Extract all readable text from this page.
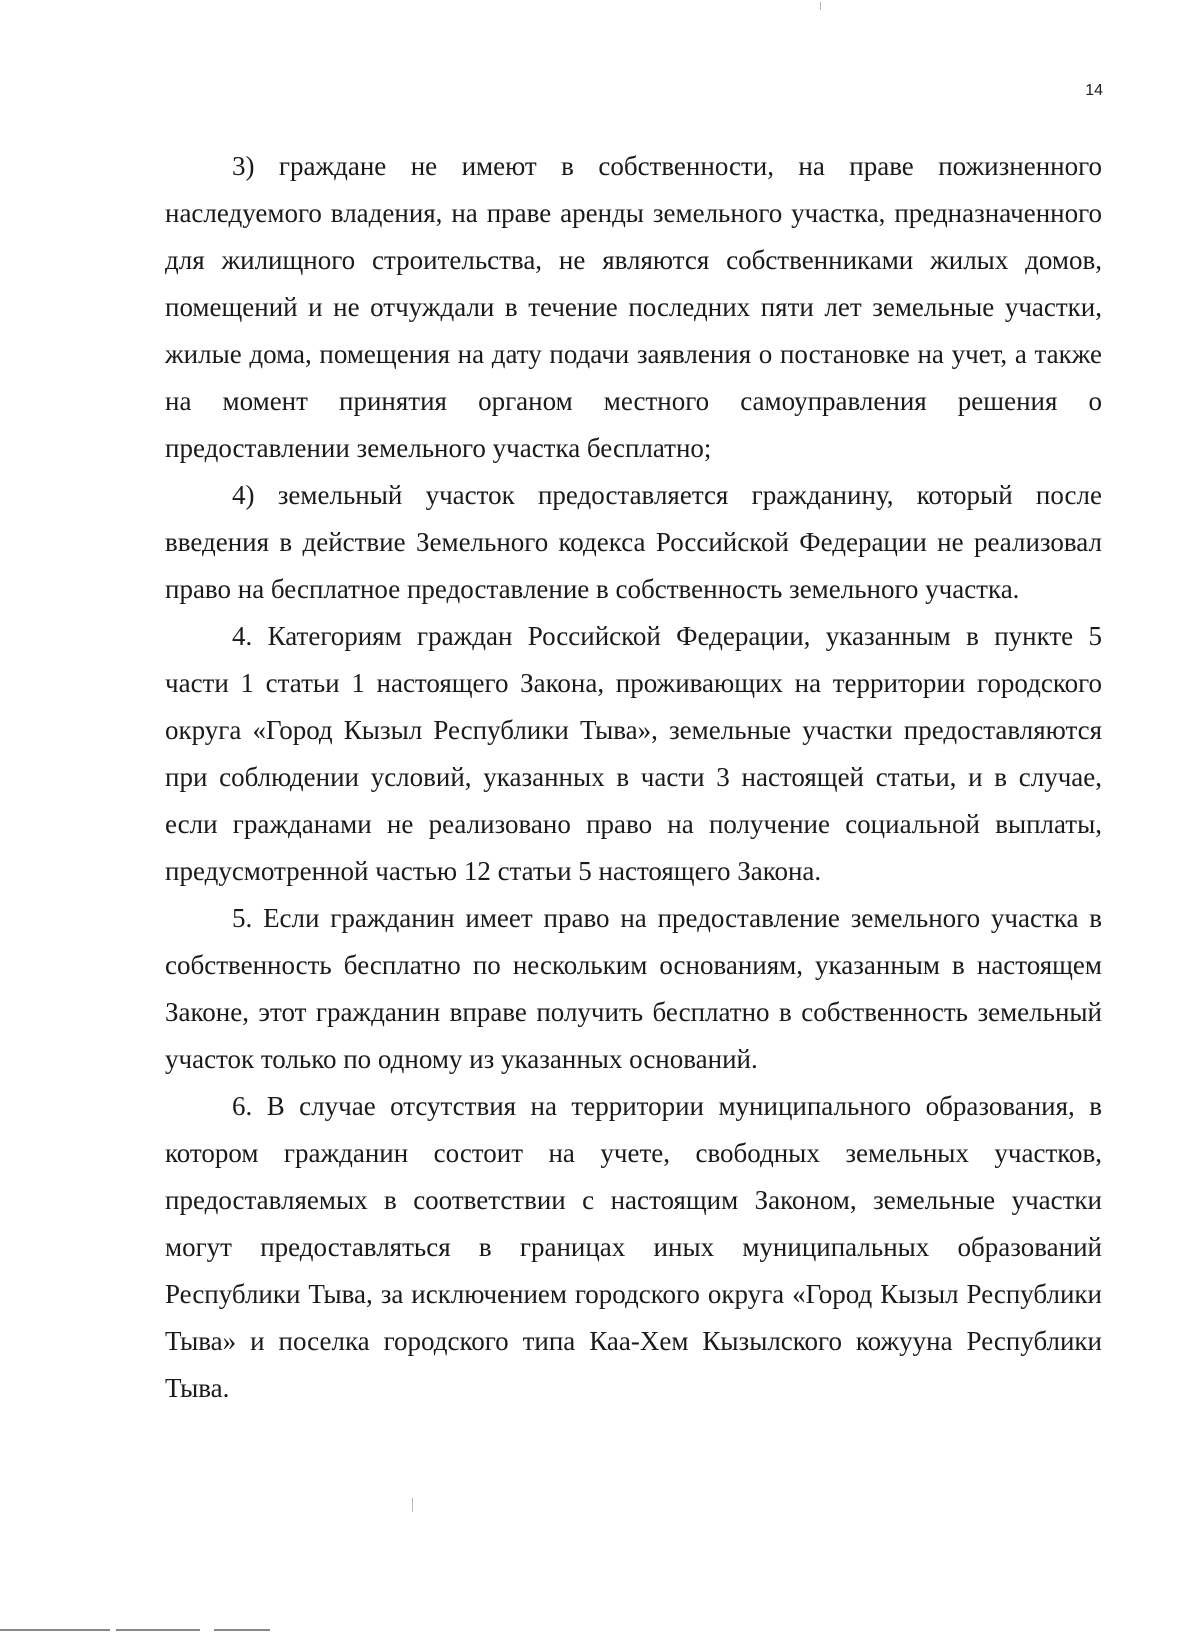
14

3) граждане не имеют в собственности, на праве пожизненного наследуемого владения, на праве аренды земельного участка, предназначенного для жилищного строительства, не являются собственниками жилых домов, помещений и не отчуждали в течение последних пяти лет земельные участки, жилые дома, помещения на дату подачи заявления о постановке на учет, а также на момент принятия органом местного самоуправления решения о предоставлении земельного участка бесплатно;

4) земельный участок предоставляется гражданину, который после введения в действие Земельного кодекса Российской Федерации не реализовал право на бесплатное предоставление в собственность земельного участка.

4. Категориям граждан Российской Федерации, указанным в пункте 5 части 1 статьи 1 настоящего Закона, проживающих на территории городского округа «Город Кызыл Республики Тыва», земельные участки предоставляются при соблюдении условий, указанных в части 3 настоящей статьи, и в случае, если гражданами не реализовано право на получение социальной выплаты, предусмотренной частью 12 статьи 5 настоящего Закона.

5. Если гражданин имеет право на предоставление земельного участка в собственность бесплатно по нескольким основаниям, указанным в настоящем Законе, этот гражданин вправе получить бесплатно в собственность земельный участок только по одному из указанных оснований.

6. В случае отсутствия на территории муниципального образования, в котором гражданин состоит на учете, свободных земельных участков, предоставляемых в соответствии с настоящим Законом, земельные участки могут предоставляться в границах иных муниципальных образований Республики Тыва, за исключением городского округа «Город Кызыл Республики Тыва» и поселка городского типа Каа-Хем Кызылского кожууна Республики Тыва.
